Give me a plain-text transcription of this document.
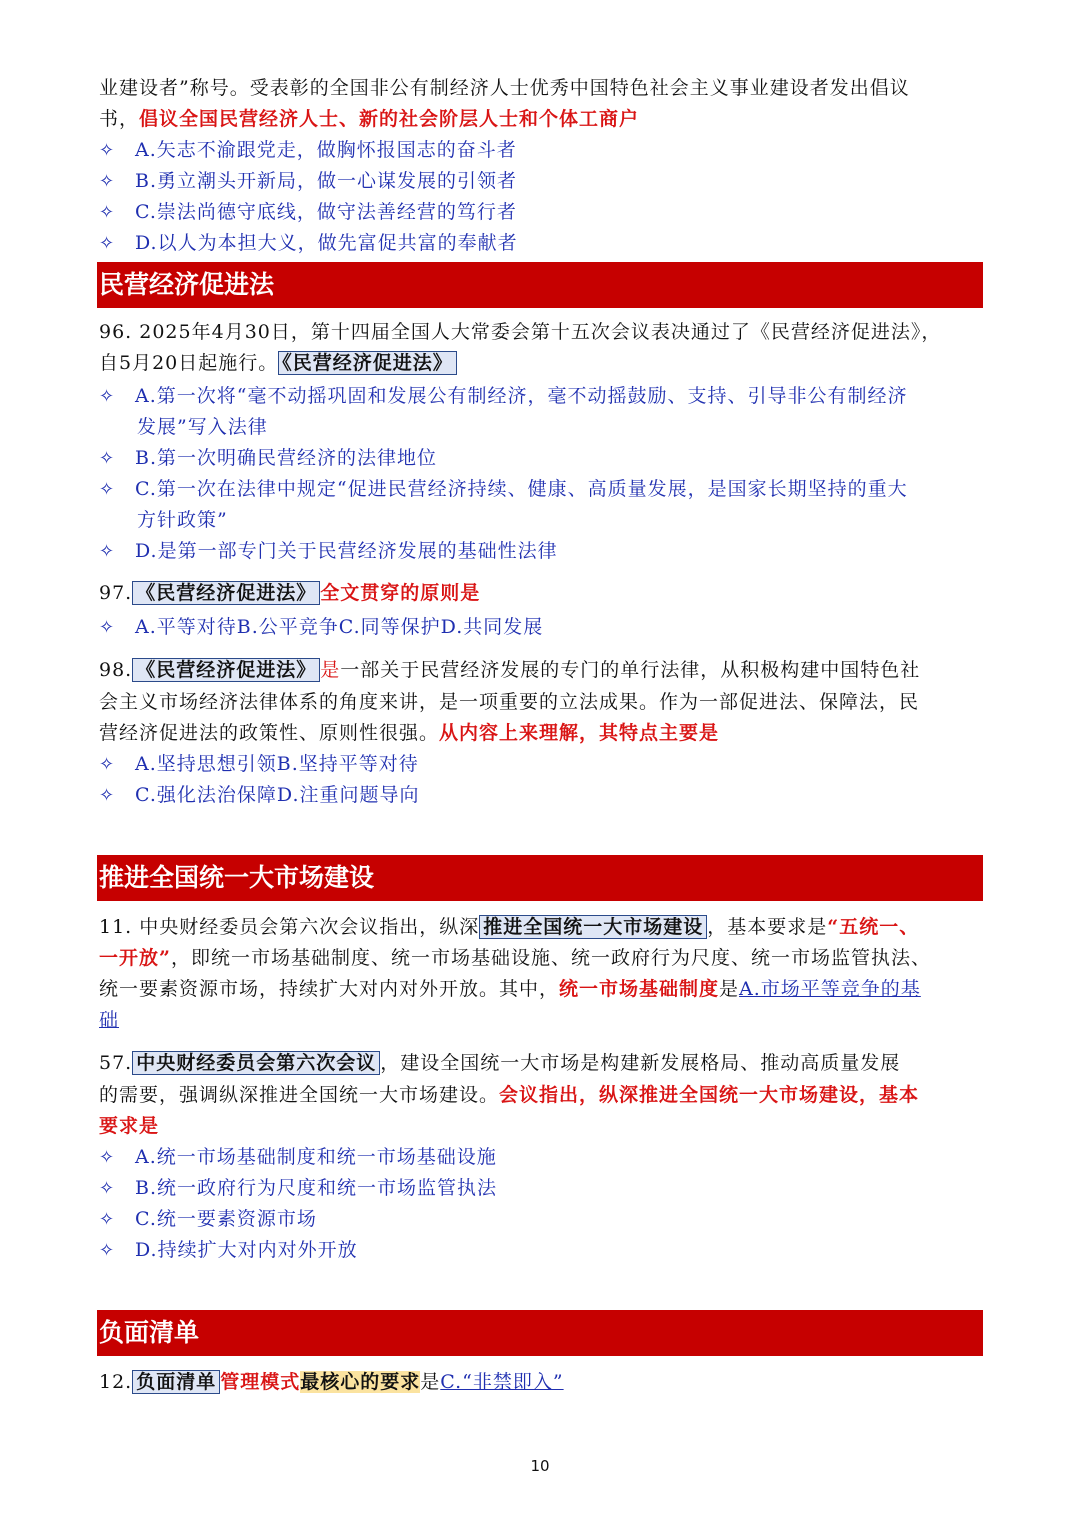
业建设者”称号。受表彰的全国非公有制经济人士优秀中国特色社会主义事业建设者发出倡议
书，倡议全国民营经济人士、新的社会阶层人士和个体工商户
✧ A.矢志不渝跟党走，做胸怀报国志的奋斗者
✧ B.勇立潮头开新局，做一心谋发展的引领者
✧ C.崇法尚德守底线，做守法善经营的笃行者
✧ D.以人为本担大义，做先富促共富的奉献者
民营经济促进法
96. 2025年4月30日，第十四届全国人大常委会第十五次会议表决通过了《民营经济促进法》，
自5月20日起施行。 《民营经济促进法》
✧ A.第一次将“毫不动摇巩固和发展公有制经济，毫不动摇鼓励、支持、引导非公有制经济
发展”写入法律
✧ B.第一次明确民营经济的法律地位
✧ C.第一次在法律中规定“促进民营经济持续、健康、高质量发展，是国家长期坚持的重大
方针政策”
✧ D.是第一部专门关于民营经济发展的基础性法律
97. 《民营经济促进法》 全文贯穿的原则是
✧ A.平等对待B.公平竞争C.同等保护D.共同发展
98. 《民营经济促进法》 是一部关于民营经济发展的专门的单行法律，从积极构建中国特色社
会主义市场经济法律体系的角度来讲，是一项重要的立法成果。作为一部促进法、保障法，民
营经济促进法的政策性、原则性很强。从内容上来理解，其特点主要是
✧ A.坚持思想引领B.坚持平等对待
✧ C.强化法治保障D.注重问题导向
推进全国统一大市场建设
11. 中央财经委员会第六次会议指出，纵深 推进全国统一大市场建设 ，基本要求是“五统一、
一开放”，即统一市场基础制度、统一市场基础设施、统一政府行为尺度、统一市场监管执法、
统一要素资源市场，持续扩大对内对外开放。其中，统一市场基础制度是A.市场平等竞争的基
础
57. 中央财经委员会第六次会议 ，建设全国统一大市场是构建新发展格局、推动高质量发展
的需要，强调纵深推进全国统一大市场建设。会议指出，纵深推进全国统一大市场建设，基本
要求是
✧ A.统一市场基础制度和统一市场基础设施
✧ B.统一政府行为尺度和统一市场监管执法
✧ C.统一要素资源市场
✧ D.持续扩大对内对外开放
负面清单
12. 负面清单 管理模式最核心的要求是C.“非禁即入”
10
